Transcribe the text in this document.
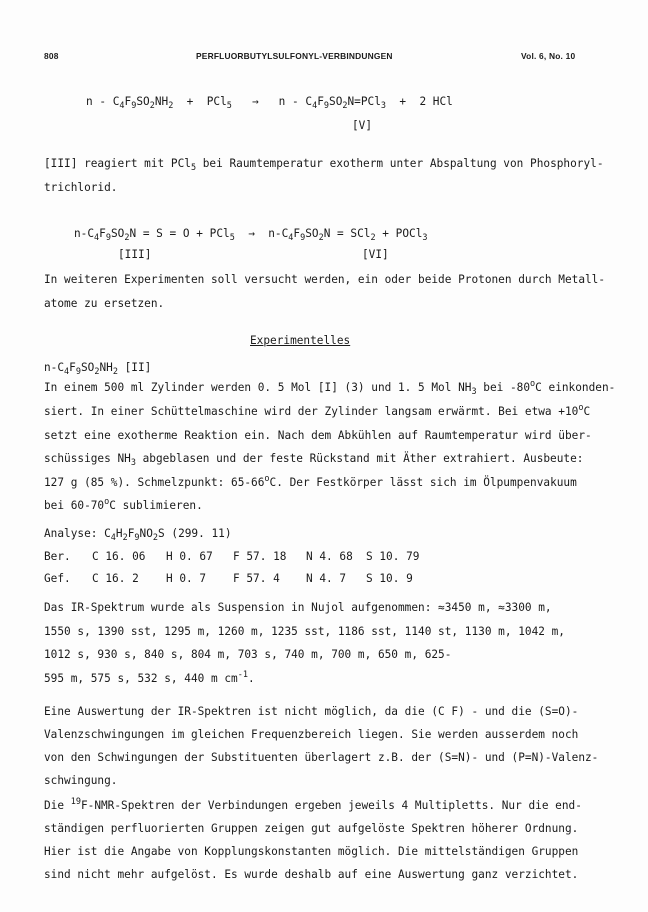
808	PERFLUORBUTYLSULFONYL-VERBINDUNGEN	Vol. 6, No. 10
$n - C_4F_9SO_2NH_2 + PCl_5 \to n - C_4F_9SO_2N=PCl_3 + 2$ HCl
[V]
[III] reagiert mit PCl$_5$ bei Raumtemperatur exotherm unter Abspaltung von Phosphoryl-
trichlorid.
$n-C_4F_9SO_2N = S = O + PCl_5 \to n-C_4F_9SO_2N = SCl_2$ + POCl$_3$
[III]	[VI]
In weiteren Experimenten soll versucht werden, ein oder beide Protonen durch Metall-
atome zu ersetzen.
Experimentelles
$n-C_4F_9SO_2NH_2$ [II]
In einem 500 ml Zylinder werden 0. 5 Mol [I] (3) und 1. 5 Mol $NH_3$ bei -80$^o$C einkonden-
siert. In einer Schüttelmaschine wird der Zylinder langsam erwärmt. Bei etwa $+10^oC$
setzt eine exotherme Reaktion ein. Nach dem Abkühlen auf Raumtemperatur wird über-
schüssiges $NH_3$ abgeblasen und der feste Rückstand mit Äther extrahiert. Ausbeute:
127 g (85 %). Schmelzpunkt: 65-66$^o$C. Der Festkörper lässt sich im Ölpumpenvakuum
bei 60-70$^o$C sublimieren.
Analyse: $C_4H_2F_9NO_2S$ (299. 11)
Ber. C 16. 06 H 0. 67 F 57. 18 N 4. 68 S 10. 79
Gef. C 16. 2 H 0. 7 F 57. 4 N 4. 7 S 10. 9
Das IR-Spektrum wurde als Suspension in Nujol aufgenommen: ≈3450 m, ≈3300 m,
1550 s, 1390 sst, 1295 m, 1260 m, 1235 sst, 1186 sst, 1140 st, 1130 m, 1042 m,
1012 s, 930 s, 840 s, 804 m, 703 s, 740 m, 700 m, 650 m, 625-
595 m, 575 s, 532 s, 440 m $cm^{-1}$.
Eine Auswertung der IR-Spektren ist nicht möglich, da die (C F) - und die (S=O)-
Valenzschwingungen im gleichen Frequenzbereich liegen. Sie werden ausserdem noch
von den Schwingungen der Substituenten überlagert z.B. der (S=N)- und (P=N)-Valenz-
schwingung.
Die $^{19}$F-NMR-Spektren der Verbindungen ergeben jeweils 4 Multipletts. Nur die end-
ständigen perfluorierten Gruppen zeigen gut aufgelöste Spektren höherer Ordnung.
Hier ist die Angabe von Kopplungskonstanten möglich. Die mittelständigen Gruppen
sind nicht mehr aufgelöst. Es wurde deshalb auf eine Auswertung ganz verzichtet.
